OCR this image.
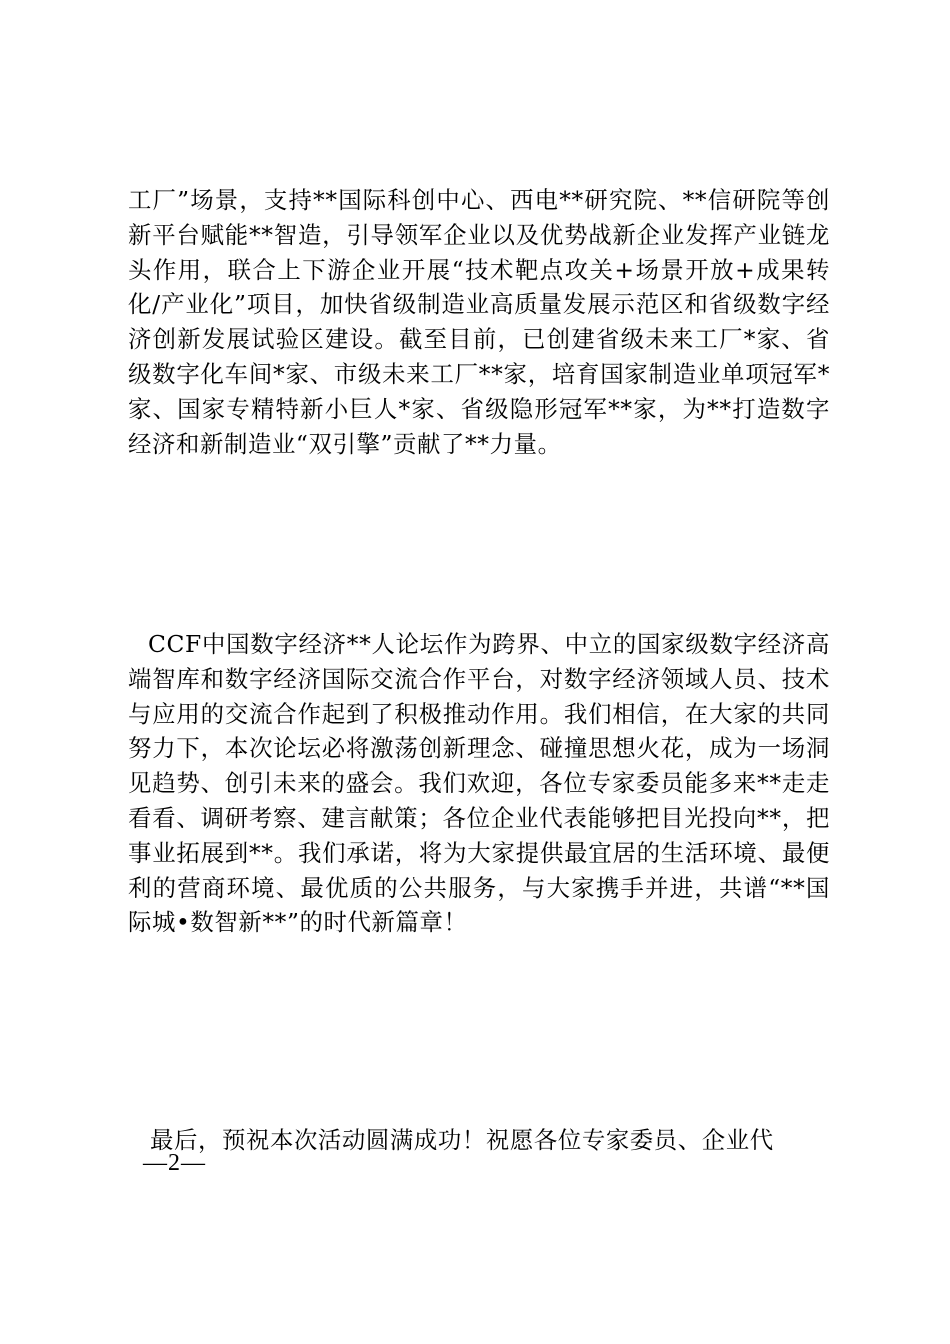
工厂”场景，支持**国际科创中心、西电**研究院、**信研院等创新平台赋能**智造，引导领军企业以及优势战新企业发挥产业链龙头作用，联合上下游企业开展“技术靶点攻关+场景开放+成果转化/产业化”项目，加快省级制造业高质量发展示范区和省级数字经济创新发展试验区建设。截至目前，已创建省级未来工厂*家、省级数字化车间*家、市级未来工厂**家，培育国家制造业单项冠军*家、国家专精特新小巨人*家、省级隐形冠军**家，为**打造数字经济和新制造业“双引擎”贡献了**力量。

CCF中国数字经济**人论坛作为跨界、中立的国家级数字经济高端智库和数字经济国际交流合作平台，对数字经济领域人员、技术与应用的交流合作起到了积极推动作用。我们相信，在大家的共同努力下，本次论坛必将激荡创新理念、碰撞思想火花，成为一场洞见趋势、创引未来的盛会。我们欢迎，各位专家委员能多来**走走看看、调研考察、建言献策；各位企业代表能够把目光投向**，把事业拓展到**。我们承诺，将为大家提供最宜居的生活环境、最便利的营商环境、最优质的公共服务，与大家携手并进，共谱“**国际城•数智新**”的时代新篇章！

最后，预祝本次活动圆满成功！祝愿各位专家委员、企业代

—2—
